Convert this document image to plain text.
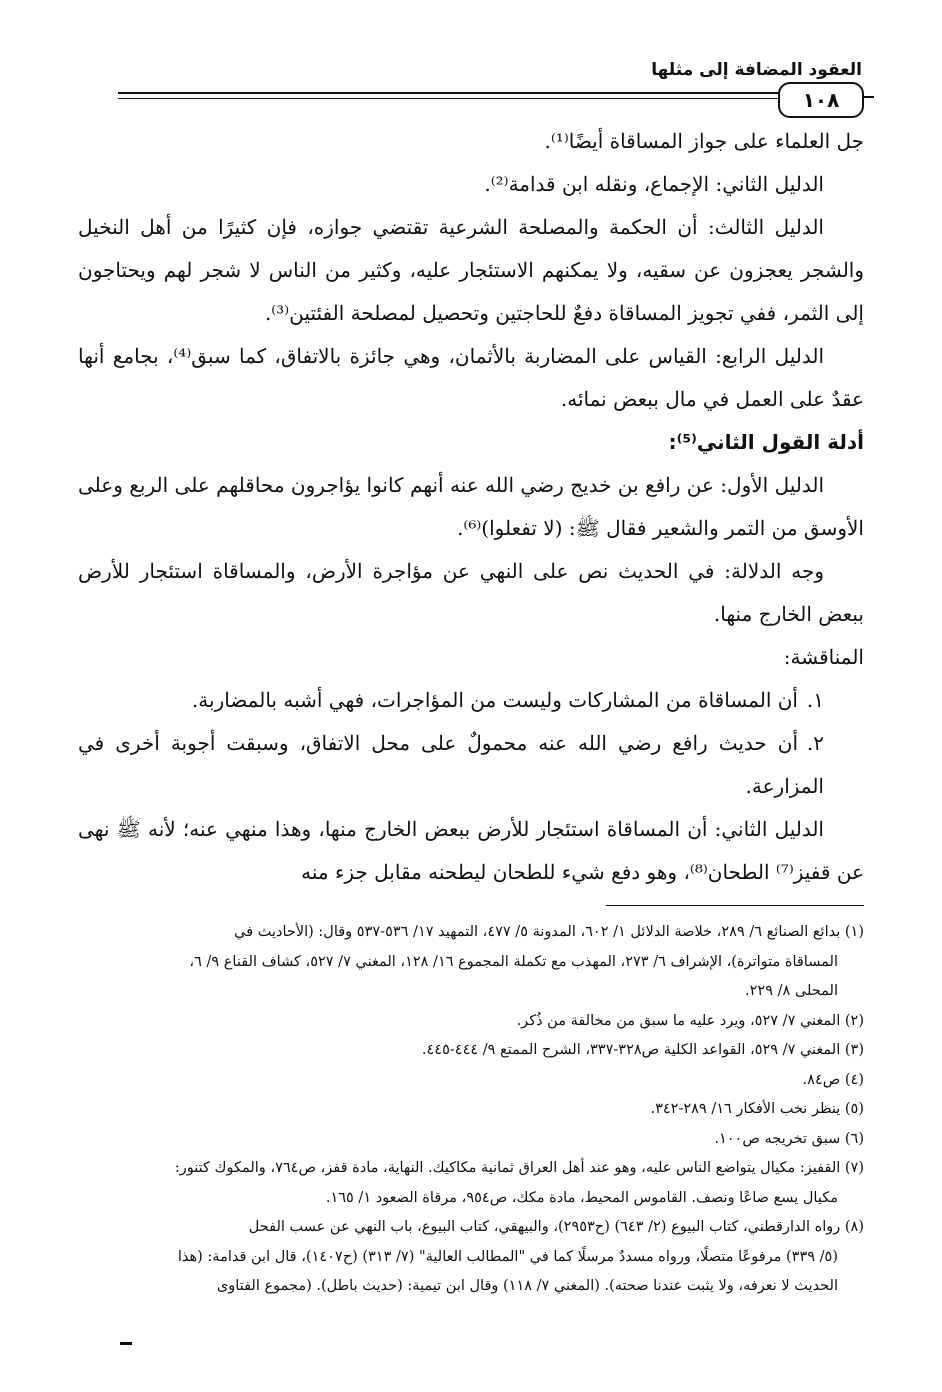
العقود المضافة إلى مثلها
١٠٨

جل العلماء على جواز المساقاة أيضًا⁽¹⁾.

الدليل الثاني: الإجماع، ونقله ابن قدامة⁽²⁾.

الدليل الثالث: أن الحكمة والمصلحة الشرعية تقتضي جوازه، فإن كثيرًا من أهل النخيل والشجر يعجزون عن سقيه، ولا يمكنهم الاستئجار عليه، وكثير من الناس لا شجر لهم ويحتاجون إلى الثمر، ففي تجويز المساقاة دفعٌ للحاجتين وتحصيل لمصلحة الفئتين⁽³⁾.

الدليل الرابع: القياس على المضاربة بالأثمان، وهي جائزة بالاتفاق، كما سبق⁽⁴⁾، بجامع أنها عقدٌ على العمل في مال ببعض نمائه.

أدلة القول الثاني⁽⁵⁾:

الدليل الأول: عن رافع بن خديج رضي الله عنه أنهم كانوا يؤاجرون محاقلهم على الربع وعلى الأوسق من التمر والشعير فقال ﷺ: (لا تفعلوا)⁽⁶⁾.

وجه الدلالة: في الحديث نص على النهي عن مؤاجرة الأرض، والمساقاة استئجار للأرض ببعض الخارج منها.

المناقشة:

١.أن المساقاة من المشاركات وليست من المؤاجرات، فهي أشبه بالمضاربة.

٢.أن حديث رافع رضي الله عنه محمولٌ على محل الاتفاق، وسبقت أجوبة أخرى في المزارعة.

الدليل الثاني: أن المساقاة استئجار للأرض ببعض الخارج منها، وهذا منهي عنه؛ لأنه ﷺ نهى عن قفيز⁽⁷⁾ الطحان⁽⁸⁾، وهو دفع شيء للطحان ليطحنه مقابل جزء منه

(١) بدائع الصنائع ٦/ ٢٨٩، خلاصة الدلائل ١/ ٦٠٢، المدونة ٥/ ٤٧٧، التمهيد ١٧/ ٥٣٦-٥٣٧ وقال: (الأحاديث في

المساقاة متواترة)، الإشراف ٦/ ٢٧٣، المهذب مع تكملة المجموع ١٦/ ١٢٨، المغني ٧/ ٥٢٧، كشاف القناع ٩/ ٦،

المحلى ٨/ ٢٢٩.

(٢) المغني ٧/ ٥٢٧، ويرد عليه ما سبق من مخالفة من ذُكر.

(٣) المغني ٧/ ٥٢٩، القواعد الكلية ص٣٢٨-٣٣٧، الشرح الممتع ٩/ ٤٤٤-٤٤٥.

(٤) ص٨٤.

(٥) ينظر نخب الأفكار ١٦/ ٢٨٩-٣٤٢.

(٦) سبق تخريجه ص١٠٠.

(٧) القفيز: مكيال يتواضع الناس عليه، وهو عند أهل العراق ثمانية مكاكيك. النهاية، مادة قفز، ص٧٦٤، والمكوك كتنور:

مكيال يسع صاعًا ونصف. القاموس المحيط، مادة مكك، ص٩٥٤، مرقاة الصعود ١/ ١٦٥.

(٨) رواه الدارقطني، كتاب البيوع (٢/ ٦٤٣) (ح٢٩٥٣)، والبيهقي، كتاب البيوع، باب النهي عن عسب الفحل

(٥/ ٣٣٩) مرفوعًا متصلًا، ورواه مسددٌ مرسلًا كما في "المطالب العالية" (٧/ ٣١٣) (ح١٤٠٧)، قال ابن قدامة: (هذا

الحديث لا نعرفه، ولا يثبت عندنا صحته). (المغني ٧/ ١١٨) وقال ابن تيمية: (حديث باطل). (مجموع الفتاوى
